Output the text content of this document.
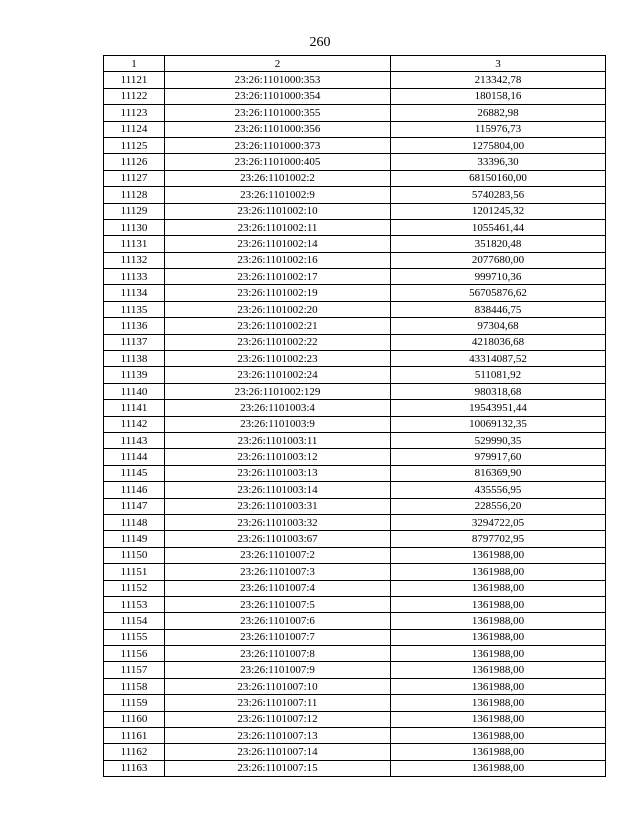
260
1	2	3
11121	23:26:1101000:353	213342,78
11122	23:26:1101000:354	180158,16
11123	23:26:1101000:355	26882,98
11124	23:26:1101000:356	115976,73
11125	23:26:1101000:373	1275804,00
11126	23:26:1101000:405	33396,30
11127	23:26:1101002:2	68150160,00
11128	23:26:1101002:9	5740283,56
11129	23:26:1101002:10	1201245,32
11130	23:26:1101002:11	1055461,44
11131	23:26:1101002:14	351820,48
11132	23:26:1101002:16	2077680,00
11133	23:26:1101002:17	999710,36
11134	23:26:1101002:19	56705876,62
11135	23:26:1101002:20	838446,75
11136	23:26:1101002:21	97304,68
11137	23:26:1101002:22	4218036,68
11138	23:26:1101002:23	43314087,52
11139	23:26:1101002:24	511081,92
11140	23:26:1101002:129	980318,68
11141	23:26:1101003:4	19543951,44
11142	23:26:1101003:9	10069132,35
11143	23:26:1101003:11	529990,35
11144	23:26:1101003:12	979917,60
11145	23:26:1101003:13	816369,90
11146	23:26:1101003:14	435556,95
11147	23:26:1101003:31	228556,20
11148	23:26:1101003:32	3294722,05
11149	23:26:1101003:67	8797702,95
11150	23:26:1101007:2	1361988,00
11151	23:26:1101007:3	1361988,00
11152	23:26:1101007:4	1361988,00
11153	23:26:1101007:5	1361988,00
11154	23:26:1101007:6	1361988,00
11155	23:26:1101007:7	1361988,00
11156	23:26:1101007:8	1361988,00
11157	23:26:1101007:9	1361988,00
11158	23:26:1101007:10	1361988,00
11159	23:26:1101007:11	1361988,00
11160	23:26:1101007:12	1361988,00
11161	23:26:1101007:13	1361988,00
11162	23:26:1101007:14	1361988,00
11163	23:26:1101007:15	1361988,00
